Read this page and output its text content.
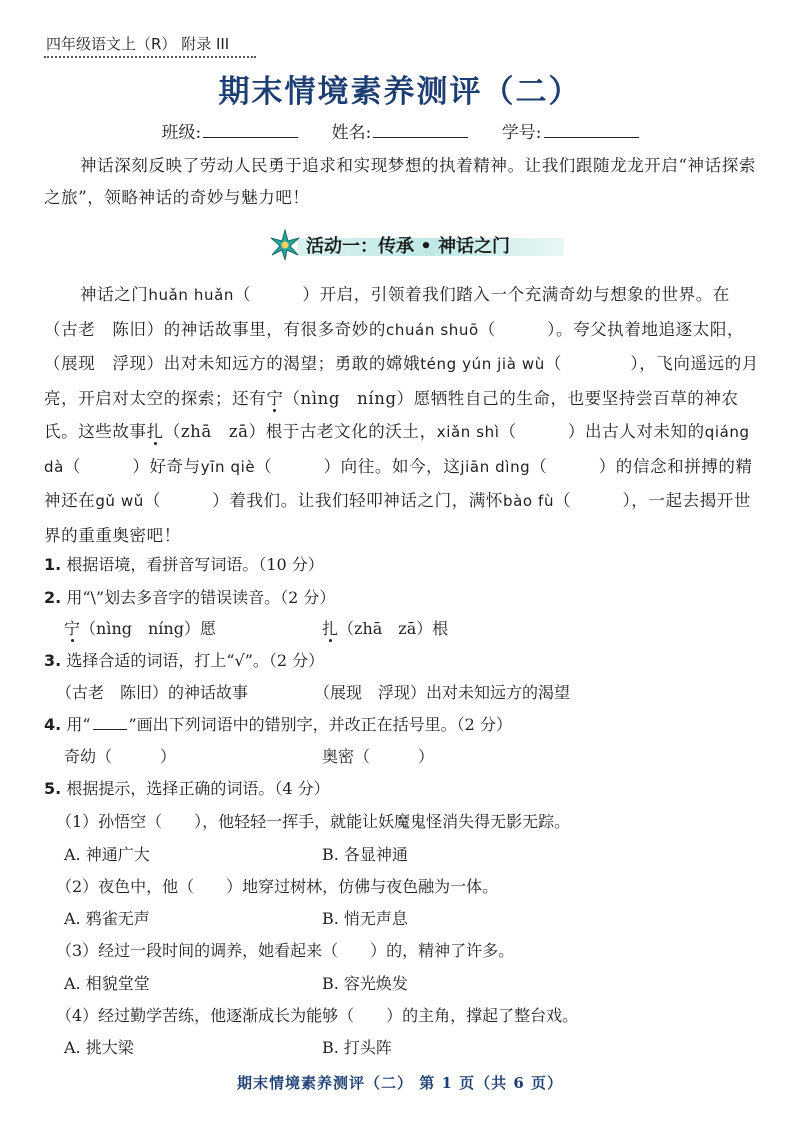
四年级语文上（R） 附录 III
期末情境素养测评（二）
班级:	姓名:	学号:
神话深刻反映了劳动人民勇于追求和实现梦想的执着精神。让我们跟随龙龙开启“神话探索之旅”，领略神话的奇妙与魅力吧！
活动一：传承 • 神话之门
神话之门huǎn huǎn（　　　）开启，引领着我们踏入一个充满奇幼与想象的世界。在（古老　陈旧）的神话故事里，有很多奇妙的chuán shuō（　　　）。夸父执着地追逐太阳，（展现　浮现）出对未知远方的渴望；勇敢的嫦娥téng yún jià wù（　　　　），飞向遥远的月亮，开启对太空的探索；还有宁（nìng　níng）愿牺牲自己的生命，也要坚持尝百草的神农氏。这些故事扎（zhā　zā）根于古老文化的沃土，xiǎn shì（　　　）出古人对未知的qiáng dà（　　　）好奇与yīn qiè（　　　）向往。如今，这jiān dìng（　　　）的信念和拼搏的精神还在gǔ wǔ（　　　）着我们。让我们轻叩神话之门，满怀bào fù（　　　），一起去揭开世界的重重奥密吧！
1. 根据语境，看拼音写词语。（10 分）
2. 用“\”划去多音字的错误读音。（2 分）
宁（nìng　níng）愿	扎（zhā　zā）根
3. 选择合适的词语，打上“√”。（2 分）
（古老　陈旧）的神话故事	（展现　浮现）出对未知远方的渴望
4. 用“ ”画出下列词语中的错别字，并改正在括号里。（2 分）
奇幼（　　　）	奥密（　　　）
5. 根据提示，选择正确的词语。（4 分）
（1）孙悟空（　　），他轻轻一挥手，就能让妖魔鬼怪消失得无影无踪。
A. 神通广大	B. 各显神通
（2）夜色中，他（　　）地穿过树林，仿佛与夜色融为一体。
A. 鸦雀无声	B. 悄无声息
（3）经过一段时间的调养，她看起来（　　）的，精神了许多。
A. 相貌堂堂	B. 容光焕发
（4）经过勤学苦练，他逐渐成长为能够（　　）的主角，撑起了整台戏。
A. 挑大梁	B. 打头阵
期末情境素养测评（二） 第 1 页（共 6 页）
